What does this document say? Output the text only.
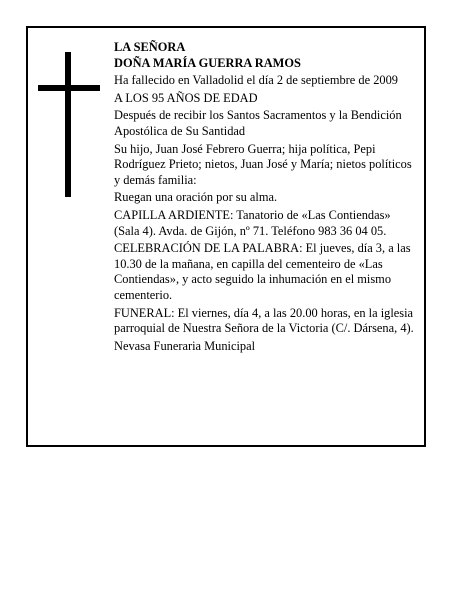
LA SEÑORA

DOÑA MARÍA GUERRA RAMOS

Ha fallecido en Valladolid el día 2 de septiembre de 2009

A LOS 95 AÑOS DE EDAD

Después de recibir los Santos Sacramentos y la Bendición Apostólica de Su Santidad

Su hijo, Juan José Febrero Guerra; hija política, Pepi Rodríguez Prieto; nietos, Juan José y María; nietos políticos y demás familia:

Ruegan una oración por su alma.

CAPILLA ARDIENTE: Tanatorio de «Las Contiendas» (Sala 4). Avda. de Gijón, nº 71. Teléfono 983 36 04 05.

CELEBRACIÓN DE LA PALABRA: El jueves, día 3, a las 10.30 de la mañana, en capilla del cementeiro de «Las Contiendas», y acto seguido la inhumación en el mismo cementerio.

FUNERAL: El viernes, día 4, a las 20.00 horas, en la iglesia parroquial de Nuestra Señora de la Victoria (C/. Dársena, 4).

Nevasa Funeraria Municipal
